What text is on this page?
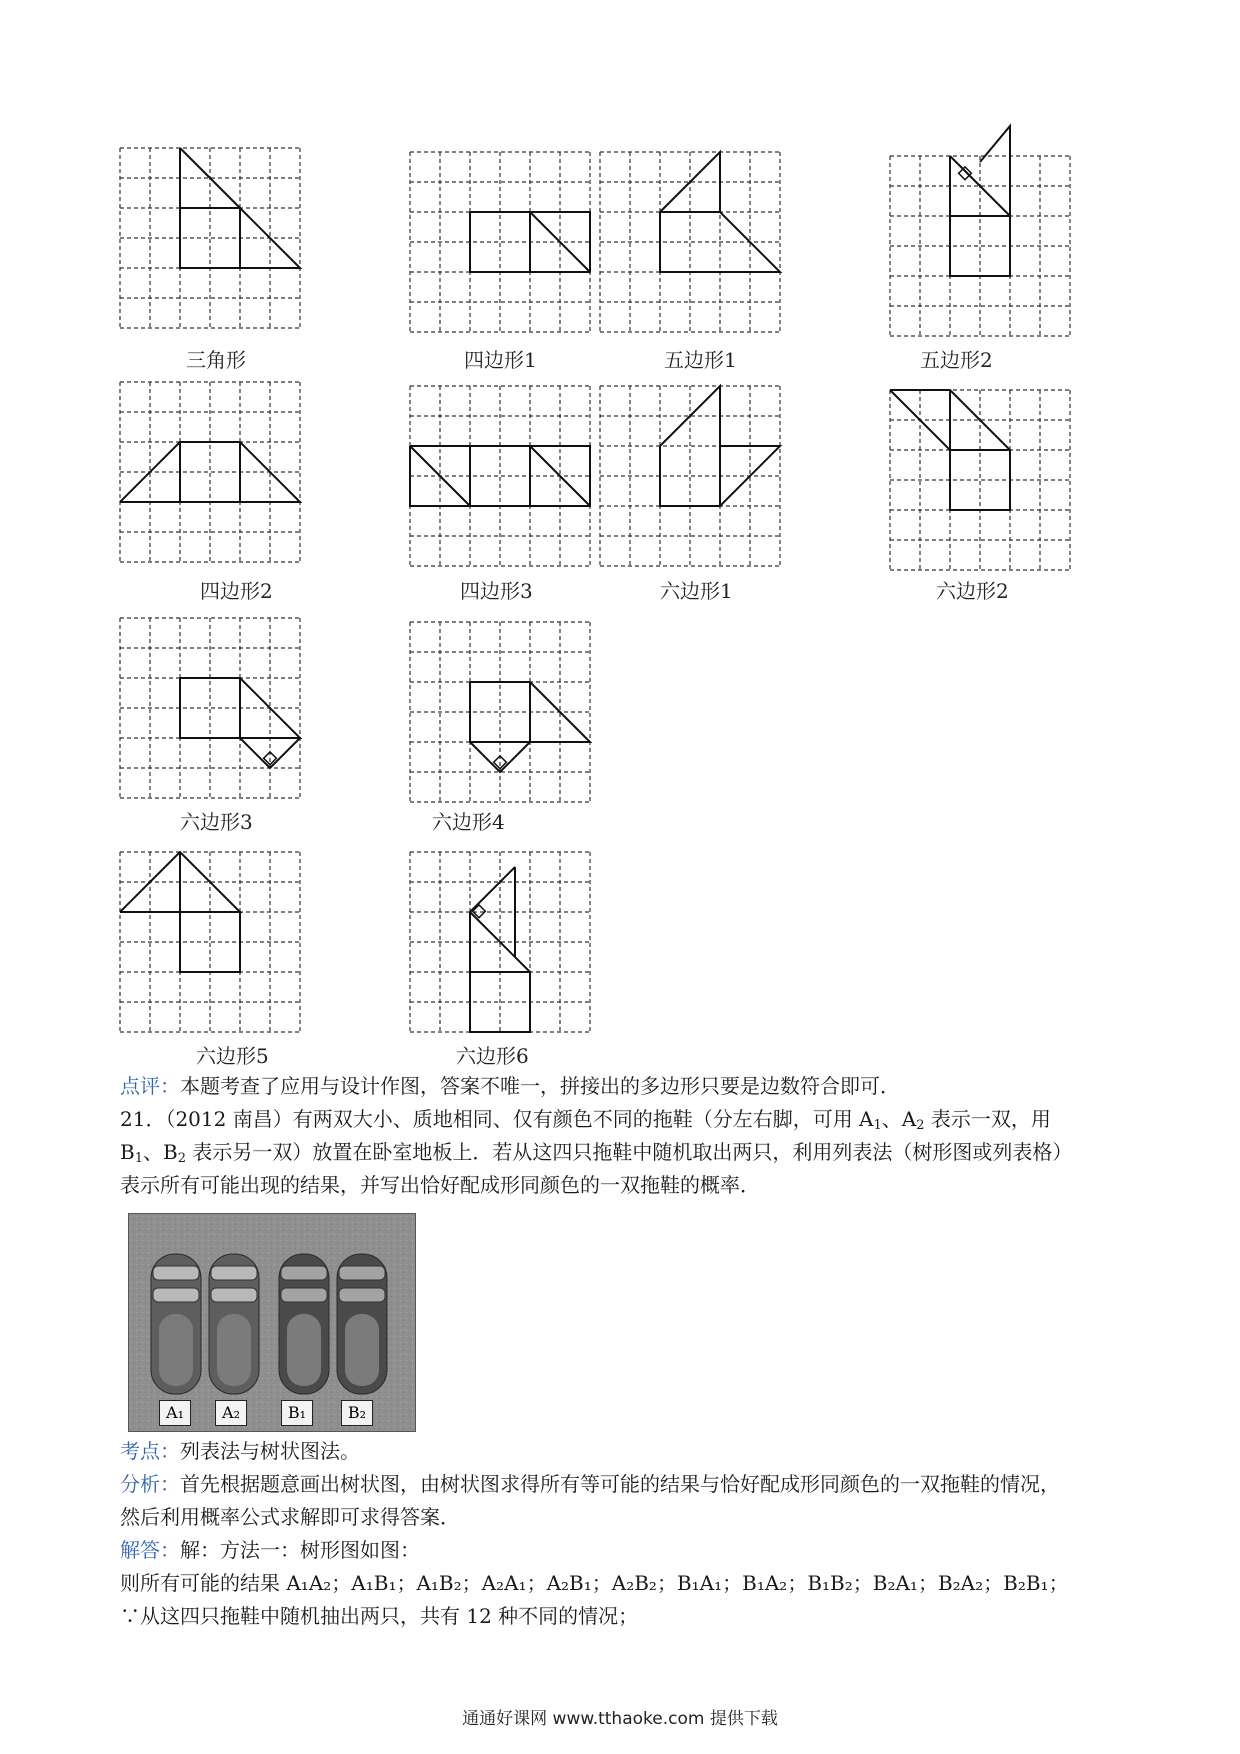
三角形	四边形1	五边形1	五边形2
四边形2	四边形3	六边形1	六边形2
六边形3	六边形4
六边形5	六边形6
点评：本题考查了应用与设计作图，答案不唯一，拼接出的多边形只要是边数符合即可．
21．（2012 南昌）有两双大小、质地相同、仅有颜色不同的拖鞋（分左右脚，可用 $A_1$、$A_2$ 表示一双，用
$B_1$、$B_2$ 表示另一双）放置在卧室地板上．若从这四只拖鞋中随机取出两只，利用列表法（树形图或列表格）
表示所有可能出现的结果，并写出恰好配成形同颜色的一双拖鞋的概率．
A₁	A₂	B₁	B₂
考点：列表法与树状图法。
分析：首先根据题意画出树状图，由树状图求得所有等可能的结果与恰好配成形同颜色的一双拖鞋的情况，
然后利用概率公式求解即可求得答案．
解答：解：方法一：树形图如图：
则所有可能的结果 A₁A₂；A₁B₁；A₁B₂；A₂A₁；A₂B₁；A₂B₂；B₁A₁；B₁A₂；B₁B₂；B₂A₁；B₂A₂；B₂B₁；
∵从这四只拖鞋中随机抽出两只，共有 12 种不同的情况；
通通好课网 www.tthaoke.com 提供下载
